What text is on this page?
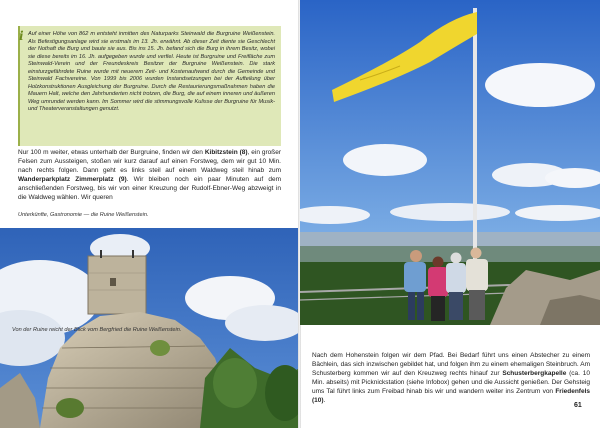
i Auf einer Höhe von 862 m entsteht inmitten des Naturparks Steinwald die Burgruine Weißenstein. Als Befestigungsanlage wird sie erstmals im 13. Jh. erwähnt. Ab dieser Zeit diente sie Geschlecht der Nothaft die Burg und baute sie aus. Bis ins 15. Jh. befand sich die Burg in ihrem Besitz, wobei sie diese bereits im 16. Jh. aufgegeben wurde und verfiel. Heute ist Burgruine und Freifläche zum Steinwald-Verein und der Freundeskreis Besitzer der Burgruine Weißenstein. Die stark einsturzgefährdete Ruine wurde mit neuerem Zeit- und Kostenaufwand durch die Gemeinde und Steinwald Fachvereine. Von 1999 bis 2006 wurden Instandsetzungen bei der Aufteilung über Holzkonstruktionen Ausgleichung der Burgruine. Durch die Restaurierungsmaßnahmen haben die Mauern Halt, welche den Jahrhunderten nicht trotzen, die Burg, die auf einem inneren und äußeren Weg umrundet werden kann. Im Sommer wird die stimmungsvolle Kulisse der Burgruine für Musik- und Theaterveranstaltungen genutzt.

Nur 100 m weiter, etwas unterhalb der Burgruine, finden wir den Kibitzstein (8), ein großer Felsen zum Aussteigen, stoßen wir kurz darauf auf einen Forstweg, dem wir gut 10 Min. nach rechts folgen. Dann geht es links steil auf einem Waldweg steil hinab zum Wanderparkplatz Zimmerplatz (9). Wir bleiben noch ein paar Minuten auf dem anschließenden Forstweg, bis wir von einer Kreuzung der Rudolf-Ebner-Weg abzweigt in die Waldweg wählen. Wir queren

Unterkünfte, Gastronomie — die Ruine Weißenstein.

Von der Ruine reicht der Blick vom Bergfried die Ruine Weißenstein.

Nach dem Hohenstein folgen wir dem Pfad. Bei Bedarf führt uns einen Abstecher zu einem Bächlein, das sich inzwischen gebildet hat, und folgen ihm zu einem ehemaligen Steinbruch. Am Schusterberg kommen wir auf den Kreuzweg rechts hinauf zur Schusterbergkapelle (ca. 10 Min. abseits) mit Picknickstation (siehe Infobox) gehen und die Aussicht genießen. Der Gehsteig ums Tal führt links zum Freibad hinab bis wir und wandern weiter ins Zentrum von Friedenfels (10).

61
